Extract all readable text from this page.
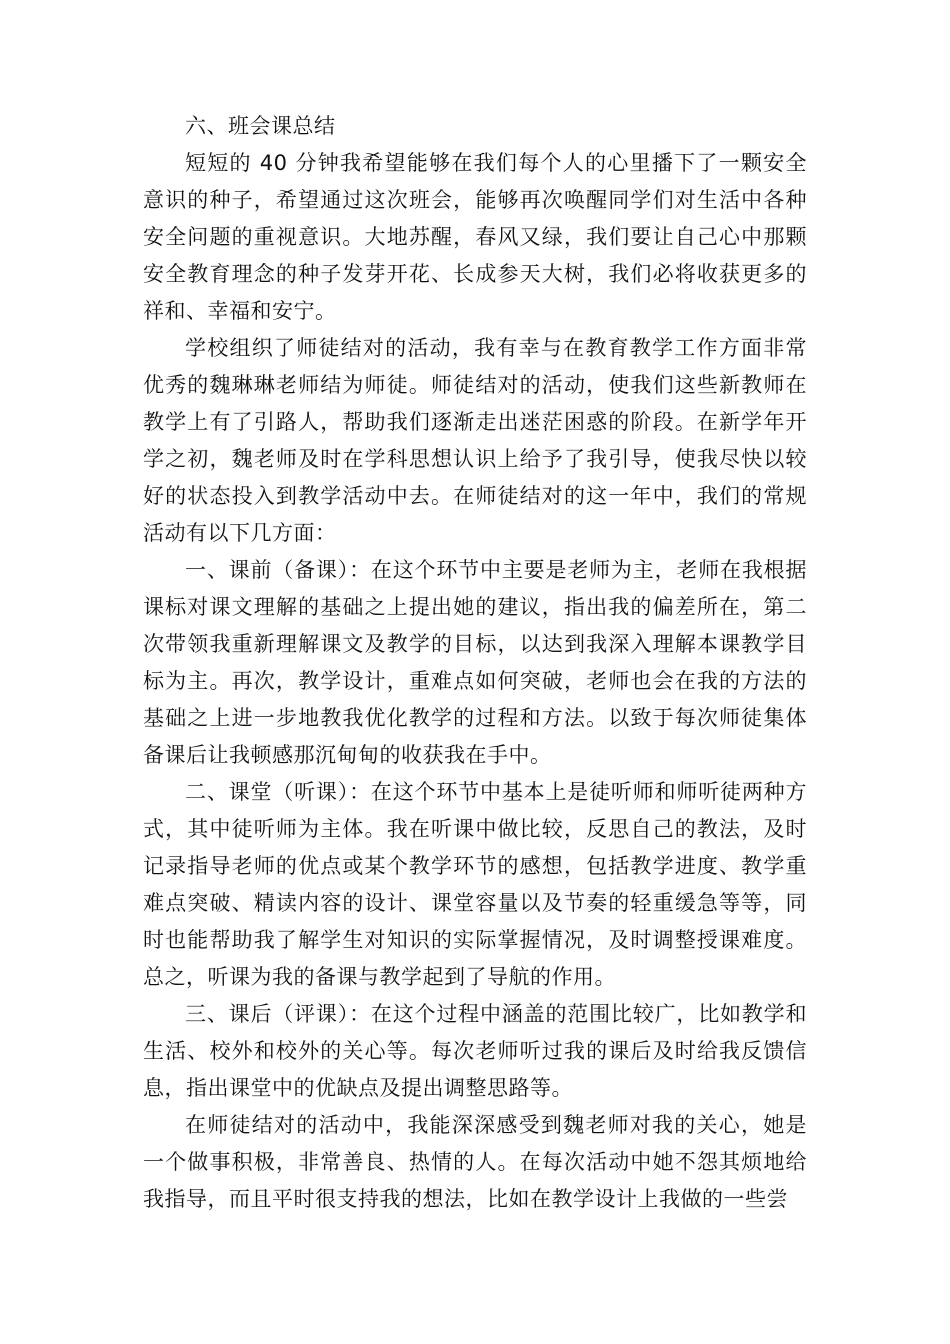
六、班会课总结

短短的 40 分钟我希望能够在我们每个人的心里播下了一颗安全意识的种子，希望通过这次班会，能够再次唤醒同学们对生活中各种安全问题的重视意识。大地苏醒，春风又绿，我们要让自己心中那颗安全教育理念的种子发芽开花、长成参天大树，我们必将收获更多的祥和、幸福和安宁。

学校组织了师徒结对的活动，我有幸与在教育教学工作方面非常优秀的魏琳琳老师结为师徒。师徒结对的活动，使我们这些新教师在教学上有了引路人，帮助我们逐渐走出迷茫困惑的阶段。在新学年开学之初，魏老师及时在学科思想认识上给予了我引导，使我尽快以较好的状态投入到教学活动中去。在师徒结对的这一年中，我们的常规活动有以下几方面：

一、课前（备课）：在这个环节中主要是老师为主，老师在我根据课标对课文理解的基础之上提出她的建议，指出我的偏差所在，第二次带领我重新理解课文及教学的目标，以达到我深入理解本课教学目标为主。再次，教学设计，重难点如何突破，老师也会在我的方法的基础之上进一步地教我优化教学的过程和方法。以致于每次师徒集体备课后让我顿感那沉甸甸的收获我在手中。

二、课堂（听课）：在这个环节中基本上是徒听师和师听徒两种方式，其中徒听师为主体。我在听课中做比较，反思自己的教法，及时记录指导老师的优点或某个教学环节的感想，包括教学进度、教学重难点突破、精读内容的设计、课堂容量以及节奏的轻重缓急等等，同时也能帮助我了解学生对知识的实际掌握情况，及时调整授课难度。总之，听课为我的备课与教学起到了导航的作用。

三、课后（评课）：在这个过程中涵盖的范围比较广，比如教学和生活、校外和校外的关心等。每次老师听过我的课后及时给我反馈信息，指出课堂中的优缺点及提出调整思路等。

在师徒结对的活动中，我能深深感受到魏老师对我的关心，她是一个做事积极，非常善良、热情的人。在每次活动中她不怨其烦地给我指导，而且平时很支持我的想法，比如在教学设计上我做的一些尝
